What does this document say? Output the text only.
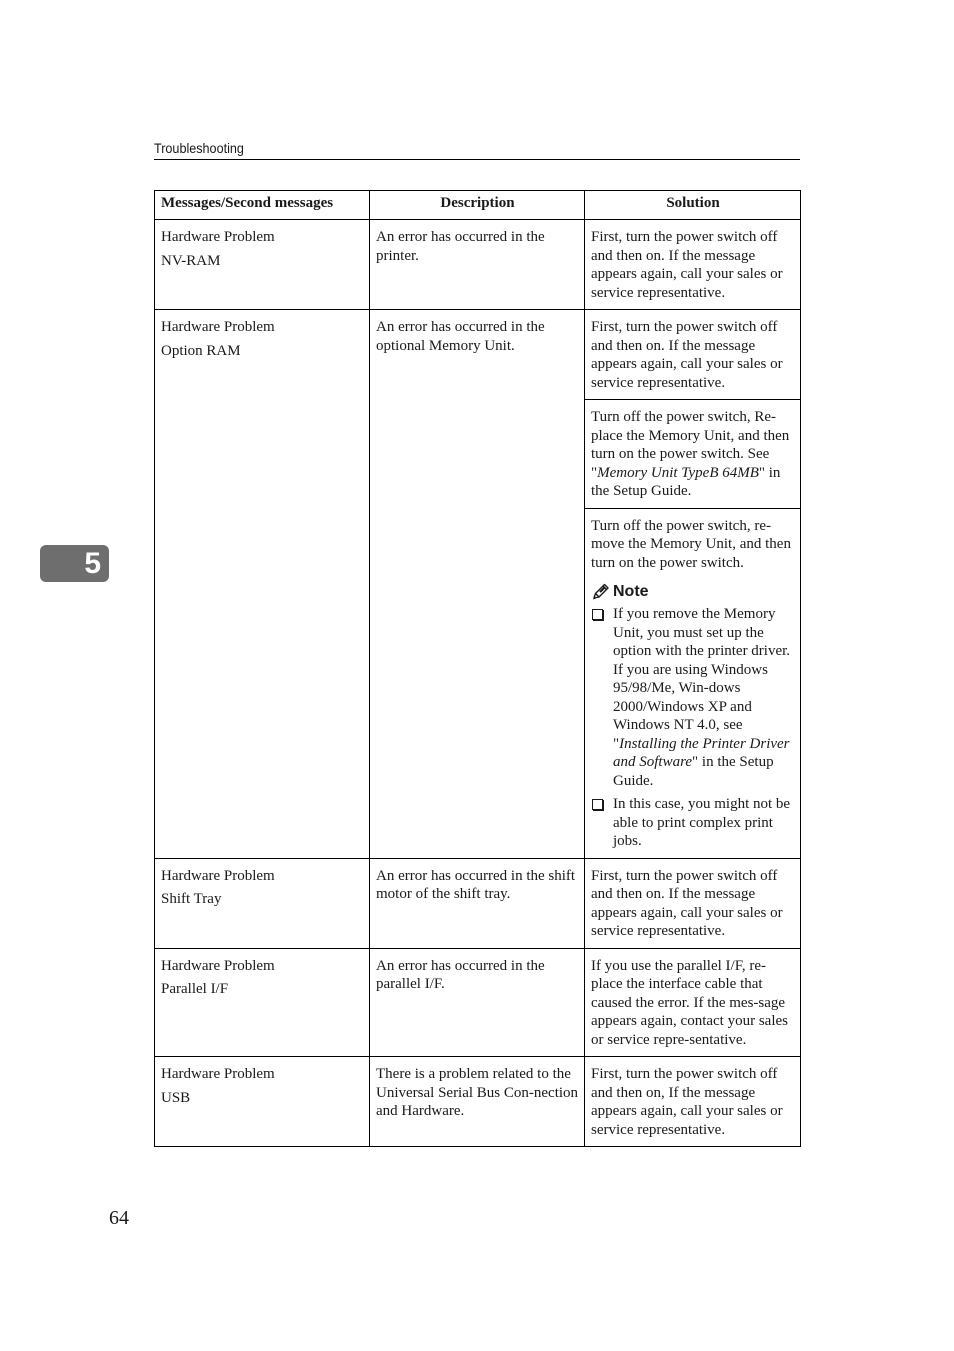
Troubleshooting
5
Messages/Second messages	Description	Solution

Hardware Problem
NV-RAM	An error has occurred in the printer.	First, turn the power switch off and then on. If the message appears again, call your sales or service representative.

Hardware Problem
Option RAM	An error has occurred in the optional Memory Unit.	First, turn the power switch off and then on. If the message appears again, call your sales or service representative.
		Turn off the power switch, Re-place the Memory Unit, and then turn on the power switch. See "Memory Unit TypeB 64MB" in the Setup Guide.

		Turn off the power switch, re-move the Memory Unit, and then turn on the power switch.
Note
If you remove the Memory Unit, you must set up the option with the printer driver. If you are using Windows 95/98/Me, Win-dows 2000/Windows XP and Windows NT 4.0, see "Installing the Printer Driver and Software" in the Setup Guide.
In this case, you might not be able to print complex print jobs.

Hardware Problem
Shift Tray	An error has occurred in the shift motor of the shift tray.	First, turn the power switch off and then on. If the message appears again, call your sales or service representative.

Hardware Problem
Parallel I/F	An error has occurred in the parallel I/F.	If you use the parallel I/F, re-place the interface cable that caused the error. If the mes-sage appears again, contact your sales or service repre-sentative.

Hardware Problem
USB	There is a problem related to the Universal Serial Bus Con-nection and Hardware.	First, turn the power switch off and then on, If the message appears again, call your sales or service representative.
64
